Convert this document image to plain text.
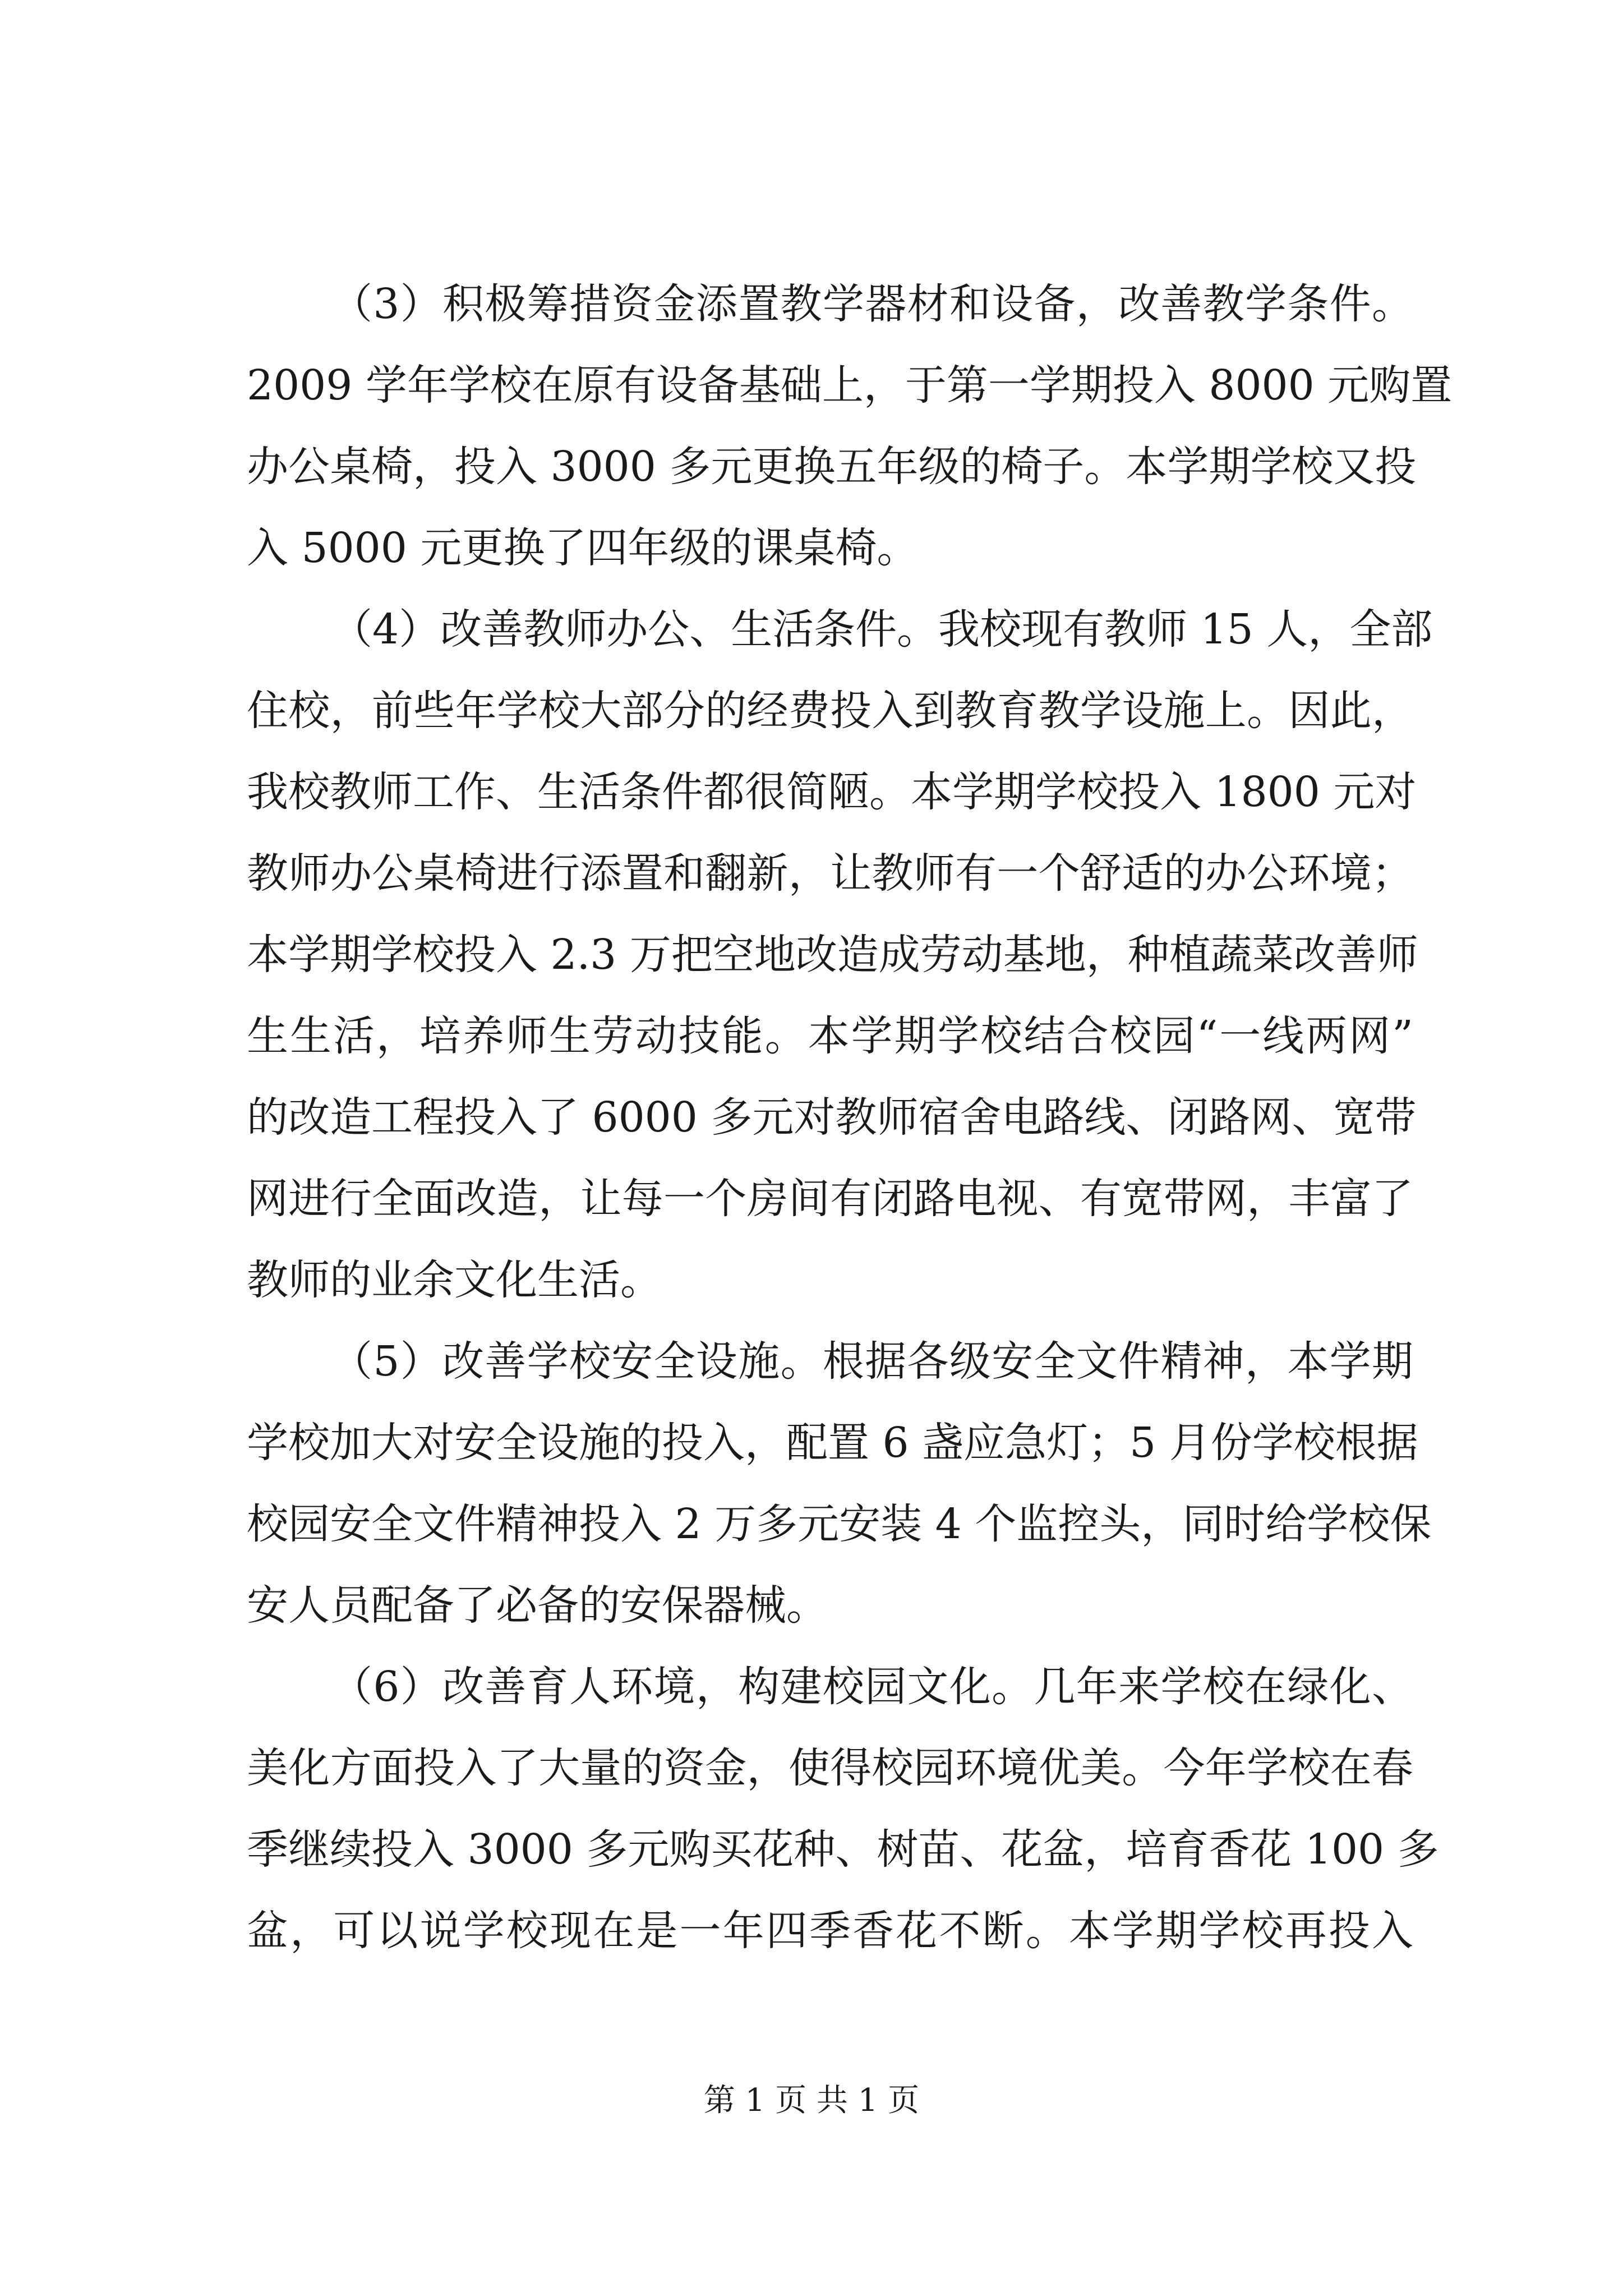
（3）积极筹措资金添置教学器材和设备，改善教学条件。
2009 学年学校在原有设备基础上，于第一学期投入 8000 元购置
办公桌椅，投入 3000 多元更换五年级的椅子。本学期学校又投
入 5000 元更换了四年级的课桌椅。
（4）改善教师办公、生活条件。我校现有教师 15 人，全部
住校，前些年学校大部分的经费投入到教育教学设施上。因此，
我校教师工作、生活条件都很简陋。本学期学校投入 1800 元对
教师办公桌椅进行添置和翻新，让教师有一个舒适的办公环境；
本学期学校投入 2.3 万把空地改造成劳动基地，种植蔬菜改善师
生生活，培养师生劳动技能。本学期学校结合校园“一线两网”
的改造工程投入了 6000 多元对教师宿舍电路线、闭路网、宽带
网进行全面改造，让每一个房间有闭路电视、有宽带网，丰富了
教师的业余文化生活。
（5）改善学校安全设施。根据各级安全文件精神，本学期
学校加大对安全设施的投入，配置 6 盏应急灯；5 月份学校根据
校园安全文件精神投入 2 万多元安装 4 个监控头，同时给学校保
安人员配备了必备的安保器械。
（6）改善育人环境，构建校园文化。几年来学校在绿化、
美化方面投入了大量的资金，使得校园环境优美。今年学校在春
季继续投入 3000 多元购买花种、树苗、花盆，培育香花 100 多
盆，可以说学校现在是一年四季香花不断。本学期学校再投入
第 1 页 共 1 页
